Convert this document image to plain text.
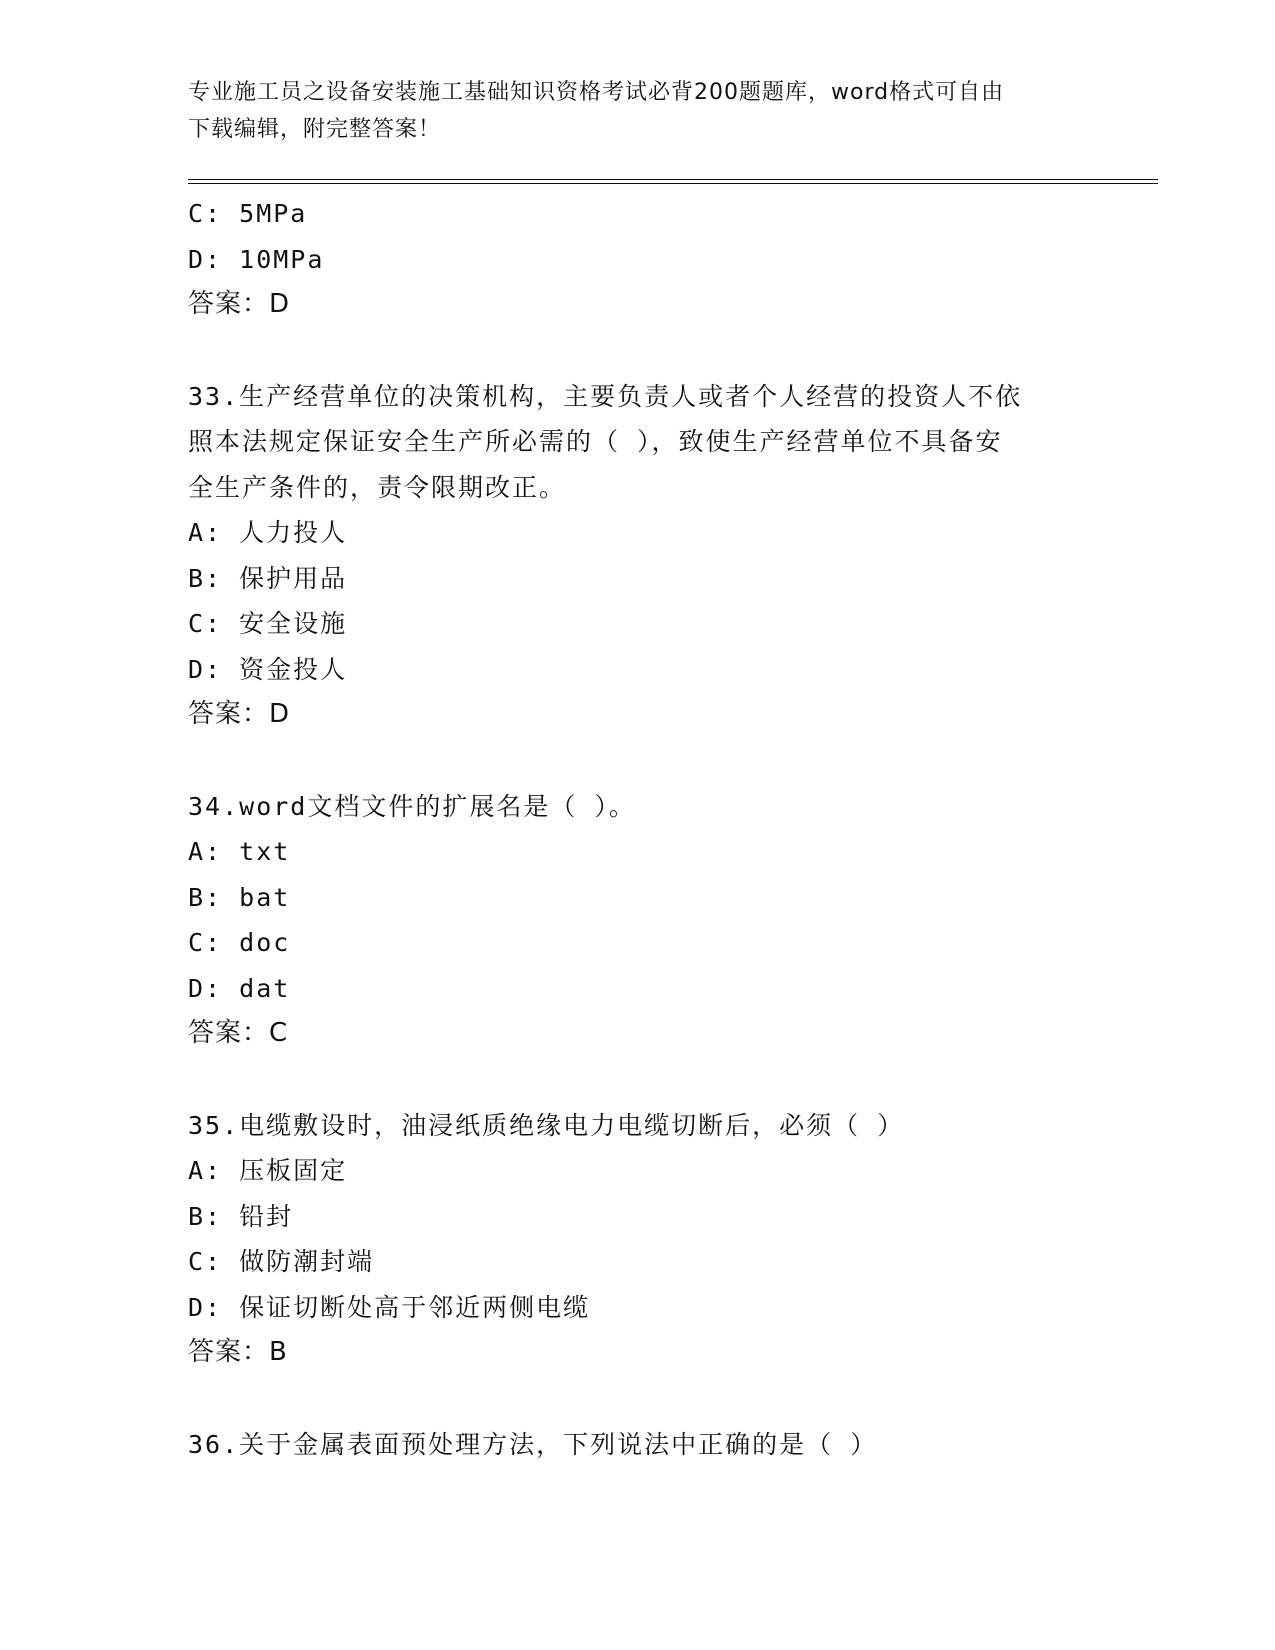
专业施工员之设备安装施工基础知识资格考试必背200题题库，word格式可自由
下载编辑，附完整答案！
C: 5MPa
D: 10MPa
答案：D
33.生产经营单位的决策机构，主要负责人或者个人经营的投资人不依
照本法规定保证安全生产所必需的（ ），致使生产经营单位不具备安
全生产条件的，责令限期改正。
A: 人力投人
B: 保护用品
C: 安全设施
D: 资金投人
答案：D
34.word文档文件的扩展名是（ ）。
A: txt
B: bat
C: doc
D: dat
答案：C
35.电缆敷设时，油浸纸质绝缘电力电缆切断后，必须（ ）
A: 压板固定
B: 铅封
C: 做防潮封端
D: 保证切断处高于邻近两侧电缆
答案：B
36.关于金属表面预处理方法，下列说法中正确的是（ ）
